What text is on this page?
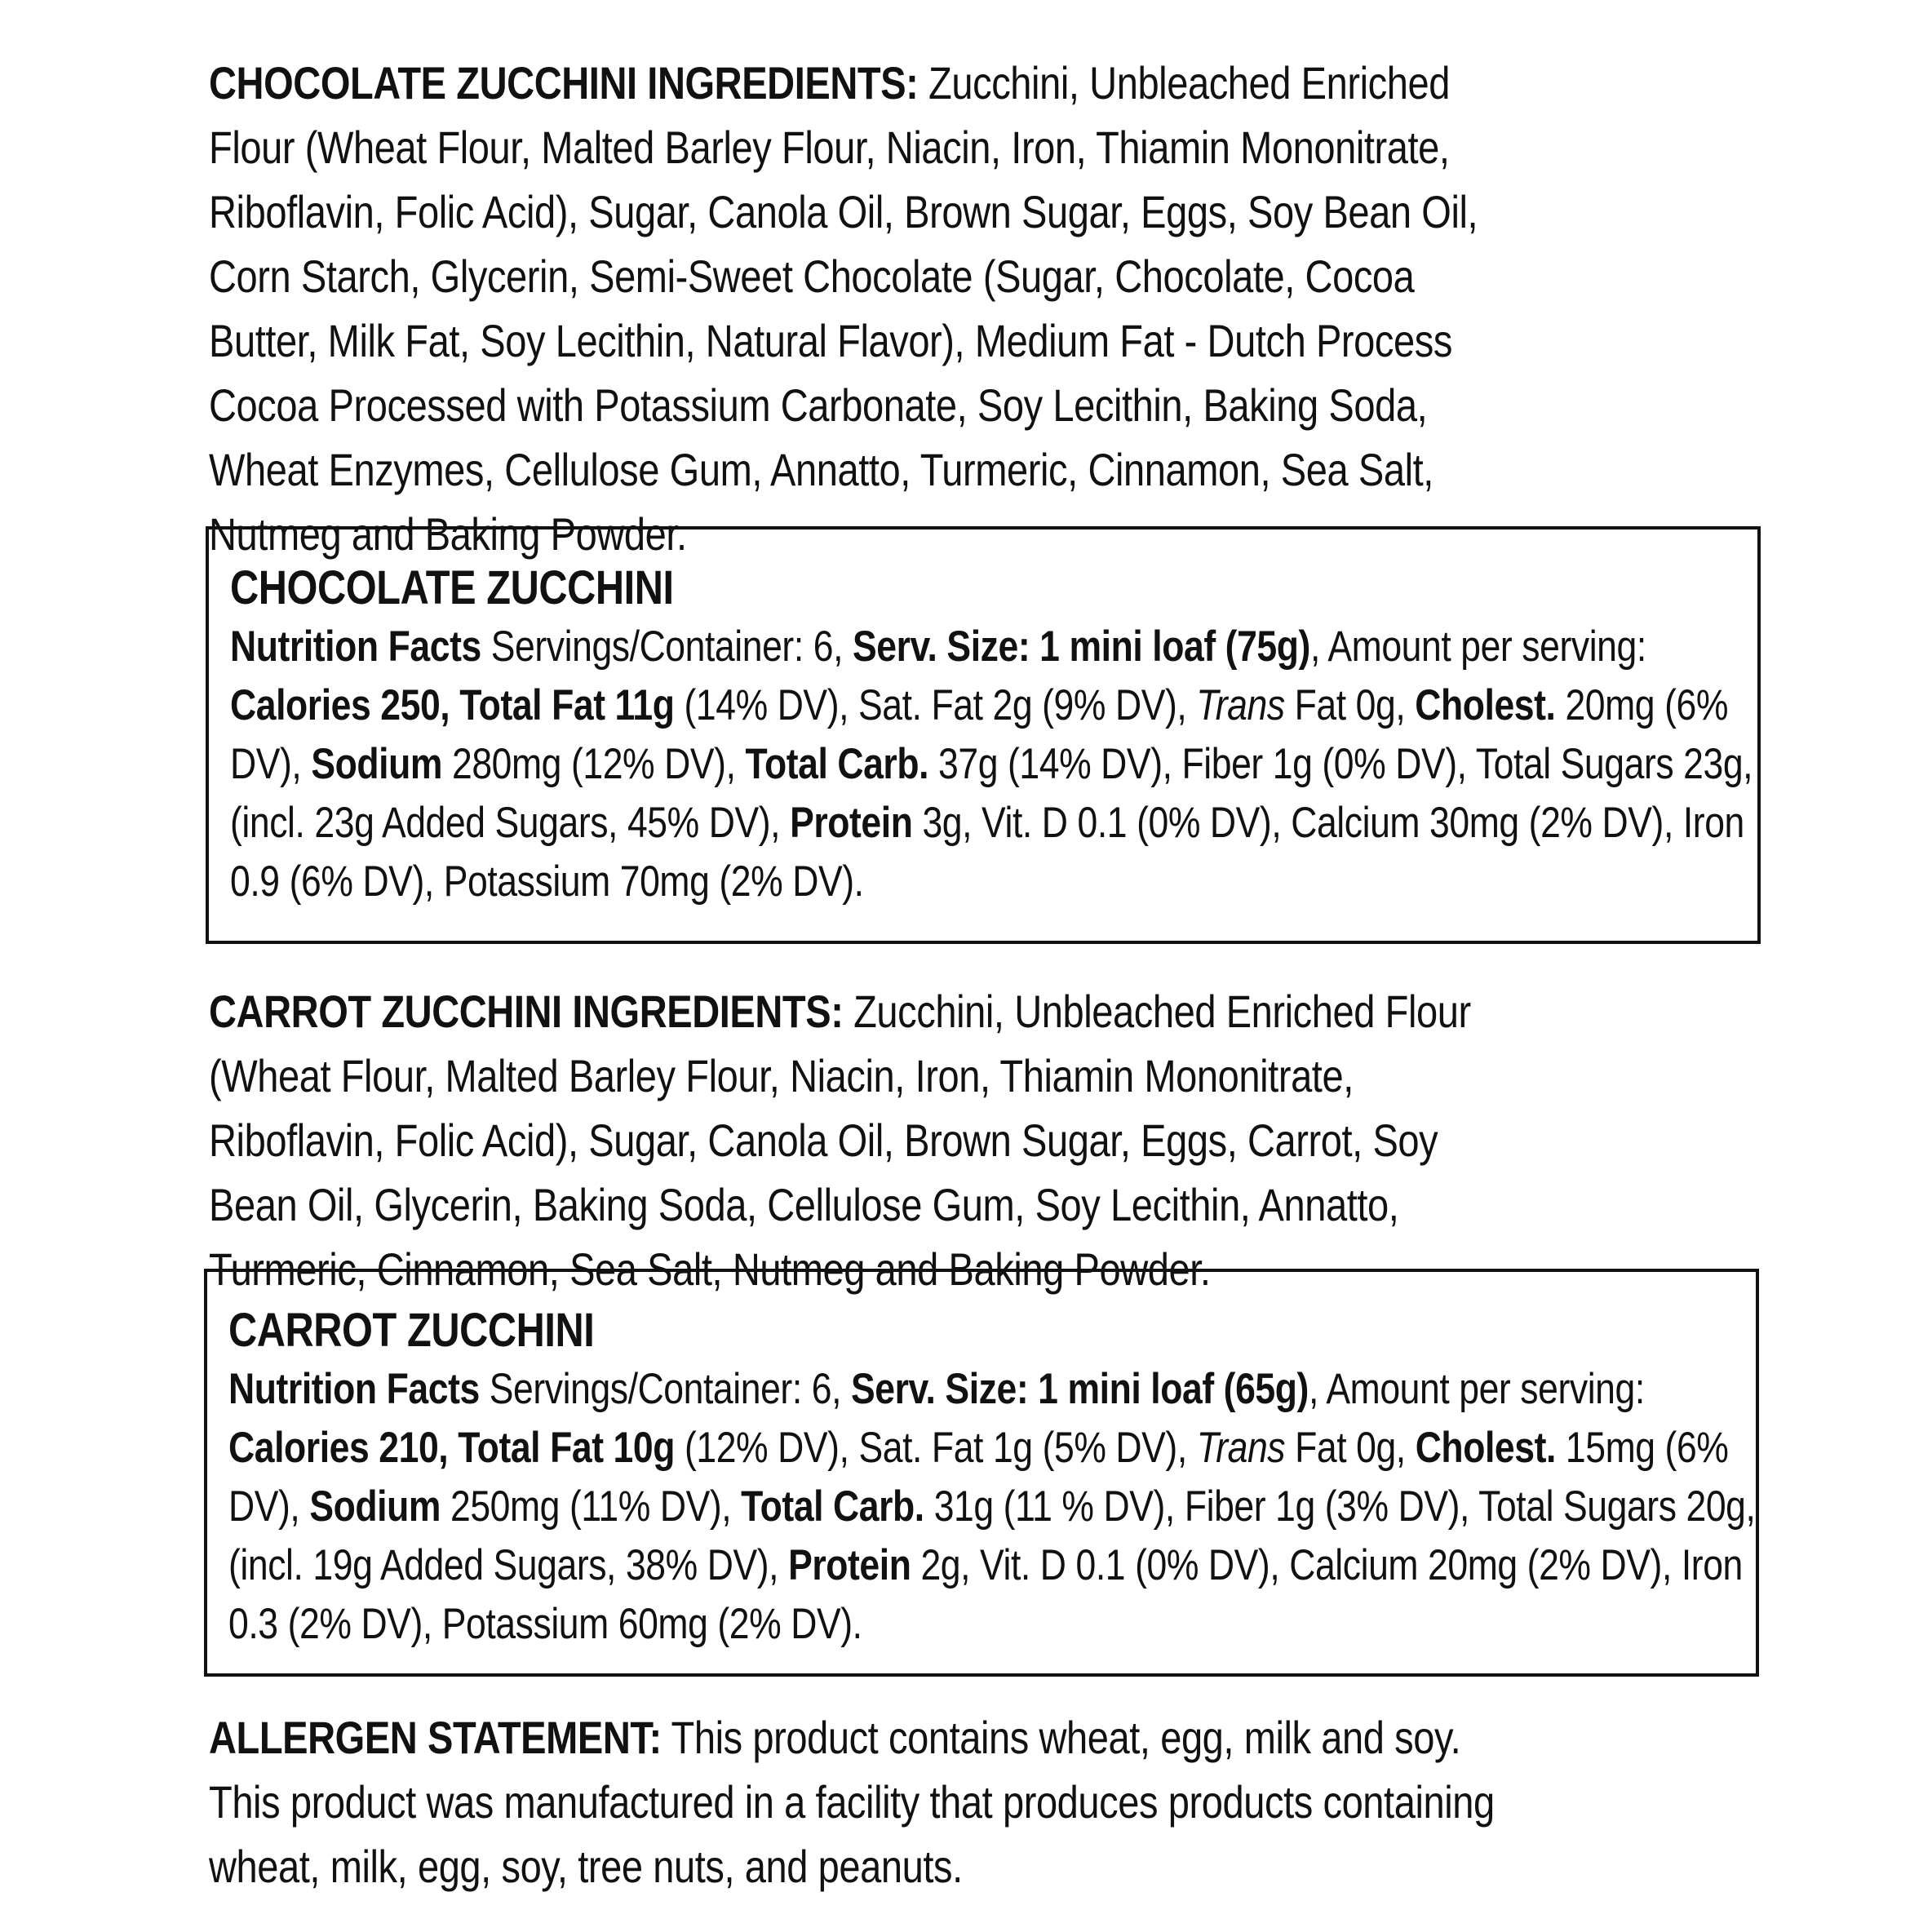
CHOCOLATE ZUCCHINI INGREDIENTS: Zucchini, Unbleached Enriched Flour (Wheat Flour, Malted Barley Flour, Niacin, Iron, Thiamin Mononitrate, Riboflavin, Folic Acid), Sugar, Canola Oil, Brown Sugar, Eggs, Soy Bean Oil, Corn Starch, Glycerin, Semi-Sweet Chocolate (Sugar, Chocolate, Cocoa Butter, Milk Fat, Soy Lecithin, Natural Flavor), Medium Fat - Dutch Process Cocoa Processed with Potassium Carbonate, Soy Lecithin, Baking Soda, Wheat Enzymes, Cellulose Gum, Annatto, Turmeric, Cinnamon, Sea Salt, Nutmeg and Baking Powder.
CHOCOLATE ZUCCHINI
Nutrition Facts Servings/Container: 6, Serv. Size: 1 mini loaf (75g), Amount per serving: Calories 250, Total Fat 11g (14% DV), Sat. Fat 2g (9% DV), Trans Fat 0g, Cholest. 20mg (6% DV), Sodium 280mg (12% DV), Total Carb. 37g (14% DV), Fiber 1g (0% DV), Total Sugars 23g, (incl. 23g Added Sugars, 45% DV), Protein 3g, Vit. D 0.1 (0% DV), Calcium 30mg (2% DV), Iron 0.9 (6% DV), Potassium 70mg (2% DV).
CARROT ZUCCHINI INGREDIENTS: Zucchini, Unbleached Enriched Flour (Wheat Flour, Malted Barley Flour, Niacin, Iron, Thiamin Mononitrate, Riboflavin, Folic Acid), Sugar, Canola Oil, Brown Sugar, Eggs, Carrot, Soy Bean Oil, Glycerin, Baking Soda, Cellulose Gum, Soy Lecithin, Annatto, Turmeric, Cinnamon, Sea Salt, Nutmeg and Baking Powder.
CARROT ZUCCHINI
Nutrition Facts Servings/Container: 6, Serv. Size: 1 mini loaf (65g), Amount per serving: Calories 210, Total Fat 10g (12% DV), Sat. Fat 1g (5% DV), Trans Fat 0g, Cholest. 15mg (6% DV), Sodium 250mg (11% DV), Total Carb. 31g (11 % DV), Fiber 1g (3% DV), Total Sugars 20g, (incl. 19g Added Sugars, 38% DV), Protein 2g, Vit. D 0.1 (0% DV), Calcium 20mg (2% DV), Iron 0.3 (2% DV), Potassium 60mg (2% DV).
ALLERGEN STATEMENT: This product contains wheat, egg, milk and soy. This product was manufactured in a facility that produces products containing wheat, milk, egg, soy, tree nuts, and peanuts.
